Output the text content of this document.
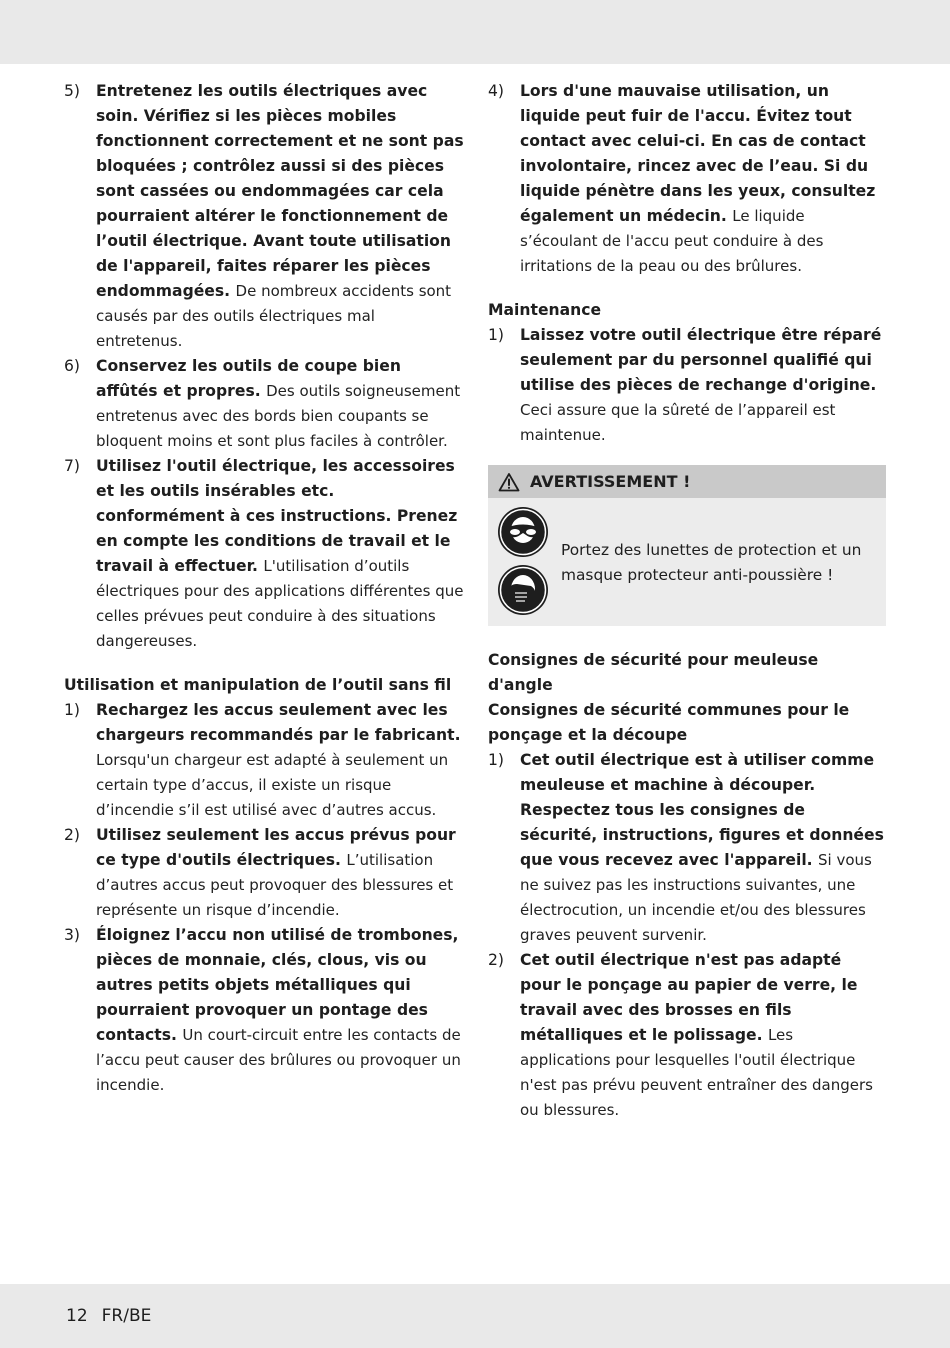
5) Entretenez les outils électriques avec soin. Vérifiez si les pièces mobiles fonctionnent correctement et ne sont pas bloquées ; contrôlez aussi si des pièces sont cassées ou endommagées car cela pourraient altérer le fonctionnement de l’outil électrique. Avant toute utilisation de l'appareil, faites réparer les pièces endommagées. De nombreux accidents sont causés par des outils électriques mal entretenus.
6) Conservez les outils de coupe bien affûtés et propres. Des outils soigneusement entretenus avec des bords bien coupants se bloquent moins et sont plus faciles à contrôler.
7) Utilisez l'outil électrique, les accessoires et les outils insérables etc. conformément à ces instructions. Prenez en compte les conditions de travail et le travail à effectuer. L'utilisation d’outils électriques pour des applications différentes que celles prévues peut conduire à des situations dangereuses.
Utilisation et manipulation de l’outil sans fil
1) Rechargez les accus seulement avec les chargeurs recommandés par le fabricant. Lorsqu'un chargeur est adapté à seulement un certain type d’accus, il existe un risque d’incendie s’il est utilisé avec d’autres accus.
2) Utilisez seulement les accus prévus pour ce type d'outils électriques. L’utilisation d’autres accus peut provoquer des blessures et représente un risque d’incendie.
3) Éloignez l’accu non utilisé de trombones, pièces de monnaie, clés, clous, vis ou autres petits objets métalliques qui pourraient provoquer un pontage des contacts. Un court-circuit entre les contacts de l’accu peut causer des brûlures ou provoquer un incendie.
4) Lors d'une mauvaise utilisation, un liquide peut fuir de l'accu. Évitez tout contact avec celui-ci. En cas de contact involontaire, rincez avec de l’eau. Si du liquide pénètre dans les yeux, consultez également un médecin. Le liquide s’écoulant de l'accu peut conduire à des irritations de la peau ou des brûlures.
Maintenance
1) Laissez votre outil électrique être réparé seulement par du personnel qualifié qui utilise des pièces de rechange d'origine. Ceci assure que la sûreté de l’appareil est maintenue.
AVERTISSEMENT !
Portez des lunettes de protection et un masque protecteur anti-poussière !
Consignes de sécurité pour meuleuse d'angle
Consignes de sécurité communes pour le ponçage et la découpe
1) Cet outil électrique est à utiliser comme meuleuse et machine à découper. Respectez tous les consignes de sécurité, instructions, figures et données que vous recevez avec l'appareil. Si vous ne suivez pas les instructions suivantes, une électrocution, un incendie et/ou des blessures graves peuvent survenir.
2) Cet outil électrique n'est pas adapté pour le ponçage au papier de verre, le travail avec des brosses en fils métalliques et le polissage. Les applications pour lesquelles l'outil électrique n'est pas prévu peuvent entraîner des dangers ou blessures.
12 FR/BE
